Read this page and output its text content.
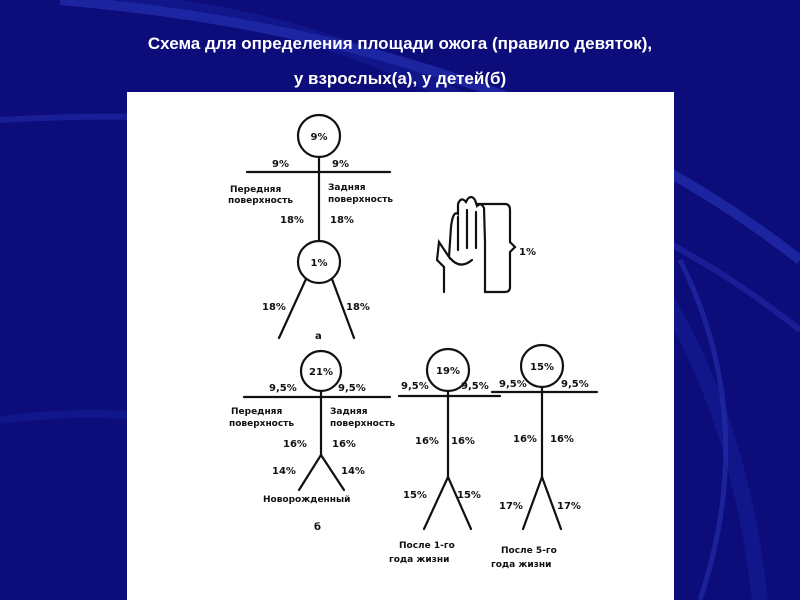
Схема для определения площади ожога (правило девяток),
у взрослых(а), у детей(б)
9%
9%	9%
Передняя
поверхность
Задняя
поверхность
18%	18%
1%
18%	18%
а
1%
21%
9,5%	9,5%
Передняя
поверхность
Задняя
поверхность
16%	16%
14%	14%
Новорожденный
б
19%
9,5%	9,5%
16% 16%
15%	15%
После 1-го
года жизни
15%
9,5%	9,5%
16% 16%
17%	17%
После 5-го
года жизни
